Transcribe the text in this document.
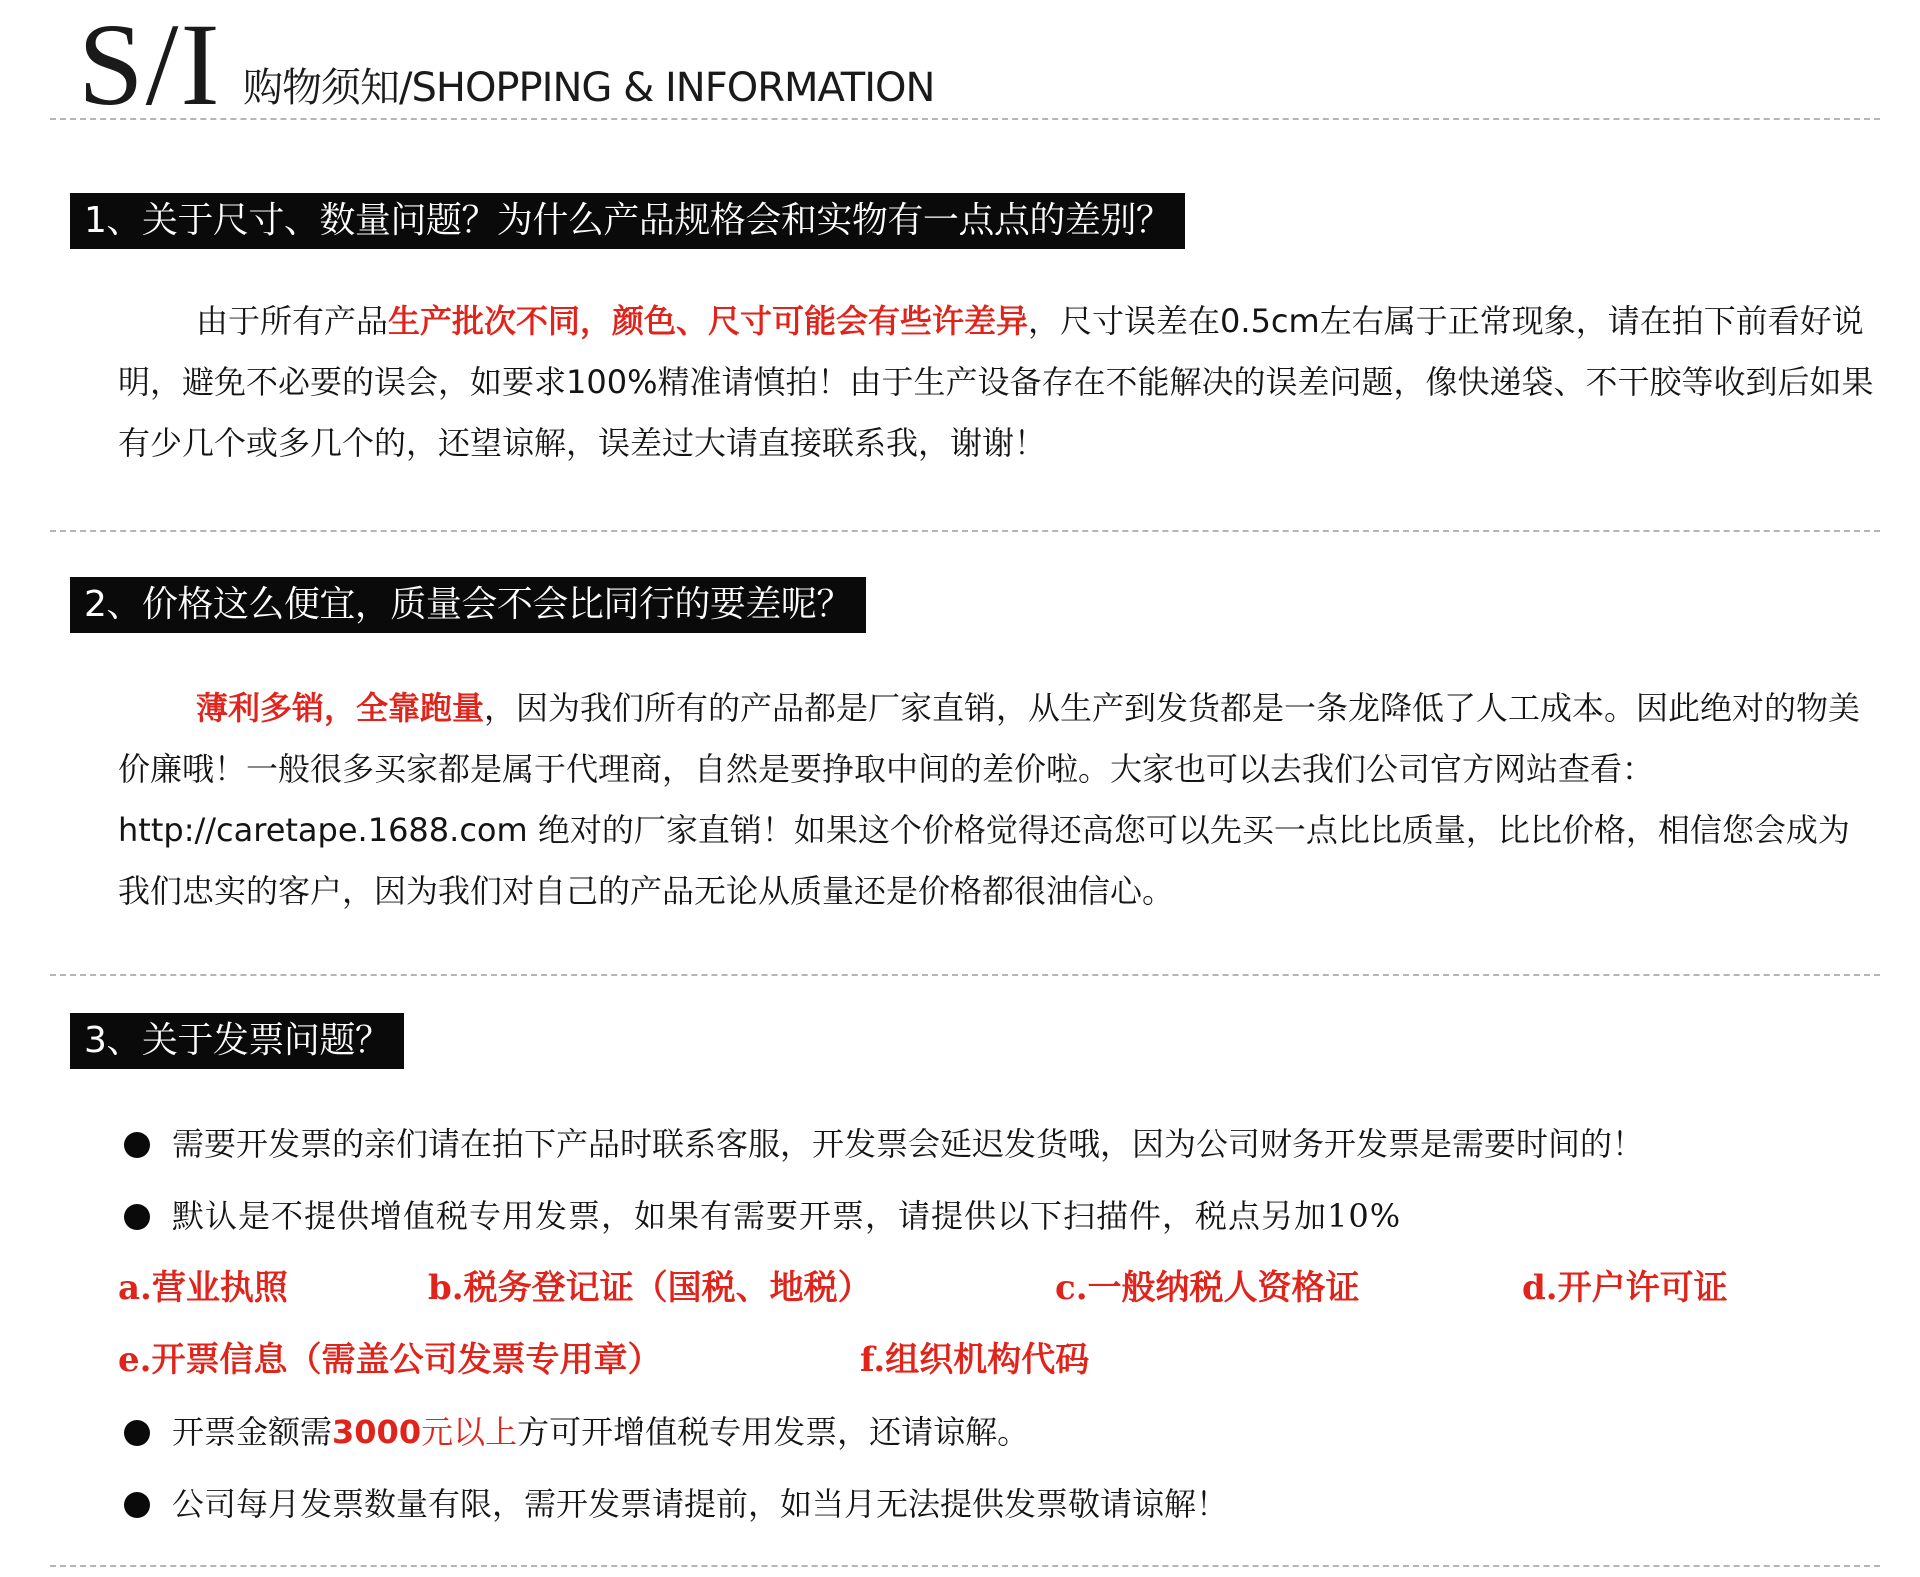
S/I 购物须知/SHOPPING & INFORMATION
1、关于尺寸、数量问题？为什么产品规格会和实物有一点点的差别？
由于所有产品生产批次不同，颜色、尺寸可能会有些许差异，尺寸误差在0.5cm左右属于正常现象，请在拍下前看好说明，避免不必要的误会，如要求100%精准请慎拍！由于生产设备存在不能解决的误差问题，像快递袋、不干胶等收到后如果有少几个或多几个的，还望谅解，误差过大请直接联系我，谢谢！
2、价格这么便宜，质量会不会比同行的要差呢？
薄利多销，全靠跑量，因为我们所有的产品都是厂家直销，从生产到发货都是一条龙降低了人工成本。因此绝对的物美价廉哦！一般很多买家都是属于代理商，自然是要挣取中间的差价啦。大家也可以去我们公司官方网站查看：http://caretape.1688.com 绝对的厂家直销！如果这个价格觉得还高您可以先买一点比比质量，比比价格，相信您会成为我们忠实的客户，因为我们对自己的产品无论从质量还是价格都很油信心。
3、关于发票问题？
需要开发票的亲们请在拍下产品时联系客服，开发票会延迟发货哦，因为公司财务开发票是需要时间的！
默认是不提供增值税专用发票，如果有需要开票，请提供以下扫描件，税点另加10%
a.营业执照	b.税务登记证（国税、地税）	c.一般纳税人资格证	d.开户许可证
e.开票信息（需盖公司发票专用章）	f.组织机构代码
开票金额需3000元以上方可开增值税专用发票，还请谅解。
公司每月发票数量有限，需开发票请提前，如当月无法提供发票敬请谅解！
